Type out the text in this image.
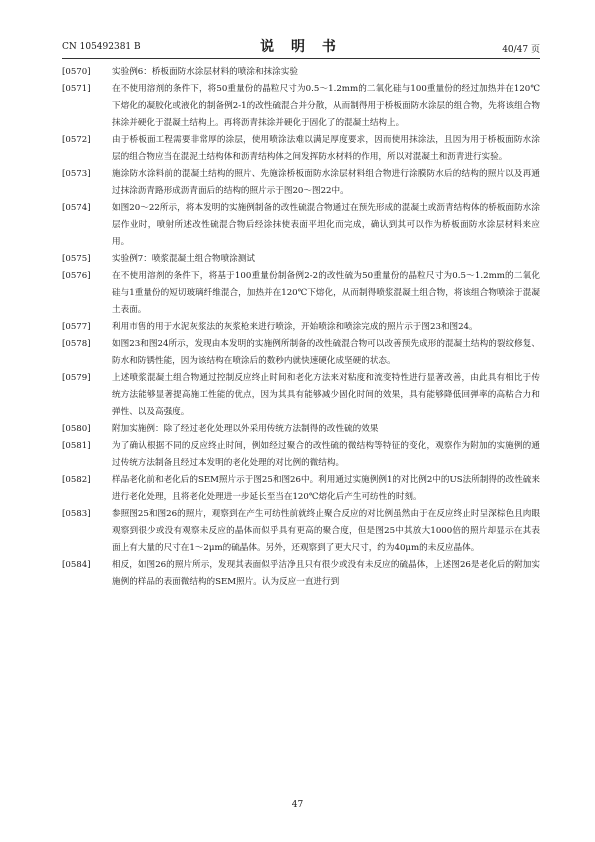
CN 105492381 B	说 明 书	40/47 页

[0570] 实验例6：桥板面防水涂层材料的喷涂和抹涂实验

[0571] 在不使用溶剂的条件下，将50重量份的晶粒尺寸为0.5～1.2mm的二氧化硅与100重量份的经过加热并在120℃下熔化的凝胶化或液化的制备例2-1的改性硫混合并分散，从而制得用于桥板面防水涂层的组合物，先将该组合物抹涂并硬化于混凝土结构上。再将沥青抹涂并硬化于固化了的混凝土结构上。

[0572] 由于桥板面工程需要非常厚的涂层，使用喷涂法难以满足厚度要求，因而使用抹涂法，且因为用于桥板面防水涂层的组合物应当在混泥土结构体和沥青结构体之间发挥防水材料的作用，所以对混凝土和沥青进行实验。

[0573] 施涂防水涂料前的混凝土结构的照片、先施涂桥板面防水涂层材料组合物进行涂膜防水后的结构的照片以及再通过抹涂沥青路形成沥青面后的结构的照片示于图20～图22中。

[0574] 如图20～22所示，将本发明的实施例制备的改性硫混合物通过在预先形成的混凝土或沥青结构体的桥板面防水涂层作业时，喷射所述改性硫混合物后经涂抹使表面平坦化而完成，确认到其可以作为桥板面防水涂层材料来应用。

[0575] 实验例7：喷浆混凝土组合物喷涂测试

[0576] 在不使用溶剂的条件下，将基于100重量份制备例2-2的改性硫为50重量份的晶粒尺寸为0.5～1.2mm的二氧化硅与1重量份的短切玻璃纤维混合，加热并在120℃下熔化，从而制得喷浆混凝土组合物，将该组合物喷涂于混凝土表面。

[0577] 利用市售的用于水泥灰浆法的灰浆枪来进行喷涂，开始喷涂和喷涂完成的照片示于图23和图24。

[0578] 如图23和图24所示，发现由本发明的实施例所制备的改性硫混合物可以改善预先成形的混凝土结构的裂纹修复、防水和防锈性能，因为该结构在喷涂后的数秒内就快速硬化成坚硬的状态。

[0579] 上述喷浆混凝土组合物通过控制反应终止时间和老化方法来对粘度和流变特性进行显著改善，由此具有相比于传统方法能够显著提高施工性能的优点，因为其具有能够减少固化时间的效果，具有能够降低回弹率的高粘合力和弹性、以及高强度。

[0580] 附加实施例：除了经过老化处理以外采用传统方法制得的改性硫的效果

[0581] 为了确认根据不同的反应终止时间，例如经过聚合的改性硫的微结构等特征的变化，观察作为附加的实施例的通过传统方法制备且经过本发明的老化处理的对比例的微结构。

[0582] 样品老化前和老化后的SEM照片示于图25和图26中。利用通过实施例例1的对比例2中的US法所制得的改性硫来进行老化处理，且将老化处理进一步延长至当在120℃熔化后产生可纺性的时刻。

[0583] 参照图25和图26的照片，观察到在产生可纺性前就终止聚合反应的对比例虽然由于在反应终止时呈深棕色且肉眼观察到很少或没有观察未反应的晶体而似乎具有更高的聚合度，但是图25中其放大1000倍的照片却显示在其表面上有大量的尺寸在1～2μm的硫晶体。另外，还观察到了更大尺寸，约为40μm的未反应晶体。

[0584] 相反，如图26的照片所示，发现其表面似乎洁净且只有很少或没有未反应的硫晶体，上述图26是老化后的附加实施例的样品的表面微结构的SEM照片。认为反应一直进行到

47
